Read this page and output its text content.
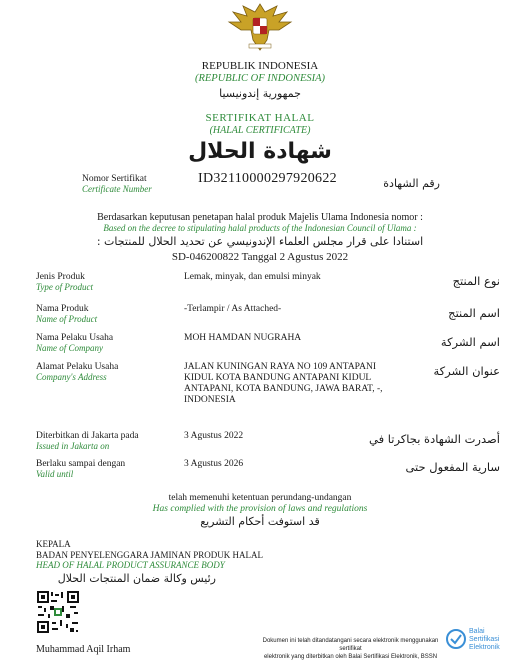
REPUBLIK INDONESIA
(REPUBLIC OF INDONESIA)
جمهورية إندونيسيا
SERTIFIKAT HALAL
(HALAL CERTIFICATE)
شهادة الحلال
Nomor Sertifikat
Certificate Number
ID32110000297920622	رقم الشهادة
Berdasarkan keputusan penetapan halal produk Majelis Ulama Indonesia nomor :
Based on the decree to stipulating halal products of the Indonesian Council of Ulama :
استنادا على قرار مجلس العلماء الإندونيسي عن تحديد الحلال للمنتجات :
SD-046200822 Tanggal 2 Agustus 2022
Jenis Produk
Type of Product
Lemak, minyak, dan emulsi minyak	نوع المنتج
Nama Produk
Name of Product
-Terlampir / As Attached-	اسم المنتج
Nama Pelaku Usaha
Name of Company
MOH HAMDAN NUGRAHA	اسم الشركة
Alamat Pelaku Usaha
Company's Address
JALAN KUNINGAN RAYA NO 109 ANTAPANI
KIDUL KOTA BANDUNG ANTAPANI KIDUL
ANTAPANI, KOTA BANDUNG, JAWA BARAT, -,
INDONESIA
عنوان الشركة
Diterbitkan di Jakarta pada
Issued in Jakarta on
3 Agustus 2022	أصدرت الشهادة بجاكرتا في
Berlaku sampai dengan
Valid until
3 Agustus 2026	سارية المفعول حتى
telah memenuhi ketentuan perundang-undangan
Has complied with the provision of laws and regulations
قد استوفت أحكام التشريع
KEPALA
BADAN PENYELENGGARA JAMINAN PRODUK HALAL
HEAD OF HALAL PRODUCT ASSURANCE BODY
رئيس وكالة ضمان المنتجات الحلال
Muhammad Aqil Irham
Dokumen ini telah ditandatangani secara elektronik menggunakan sertifikat
elektronik yang diterbitkan oleh Balai Sertifikasi Elektronik, BSSN
Balai
Sertifikasi
Elektronik
